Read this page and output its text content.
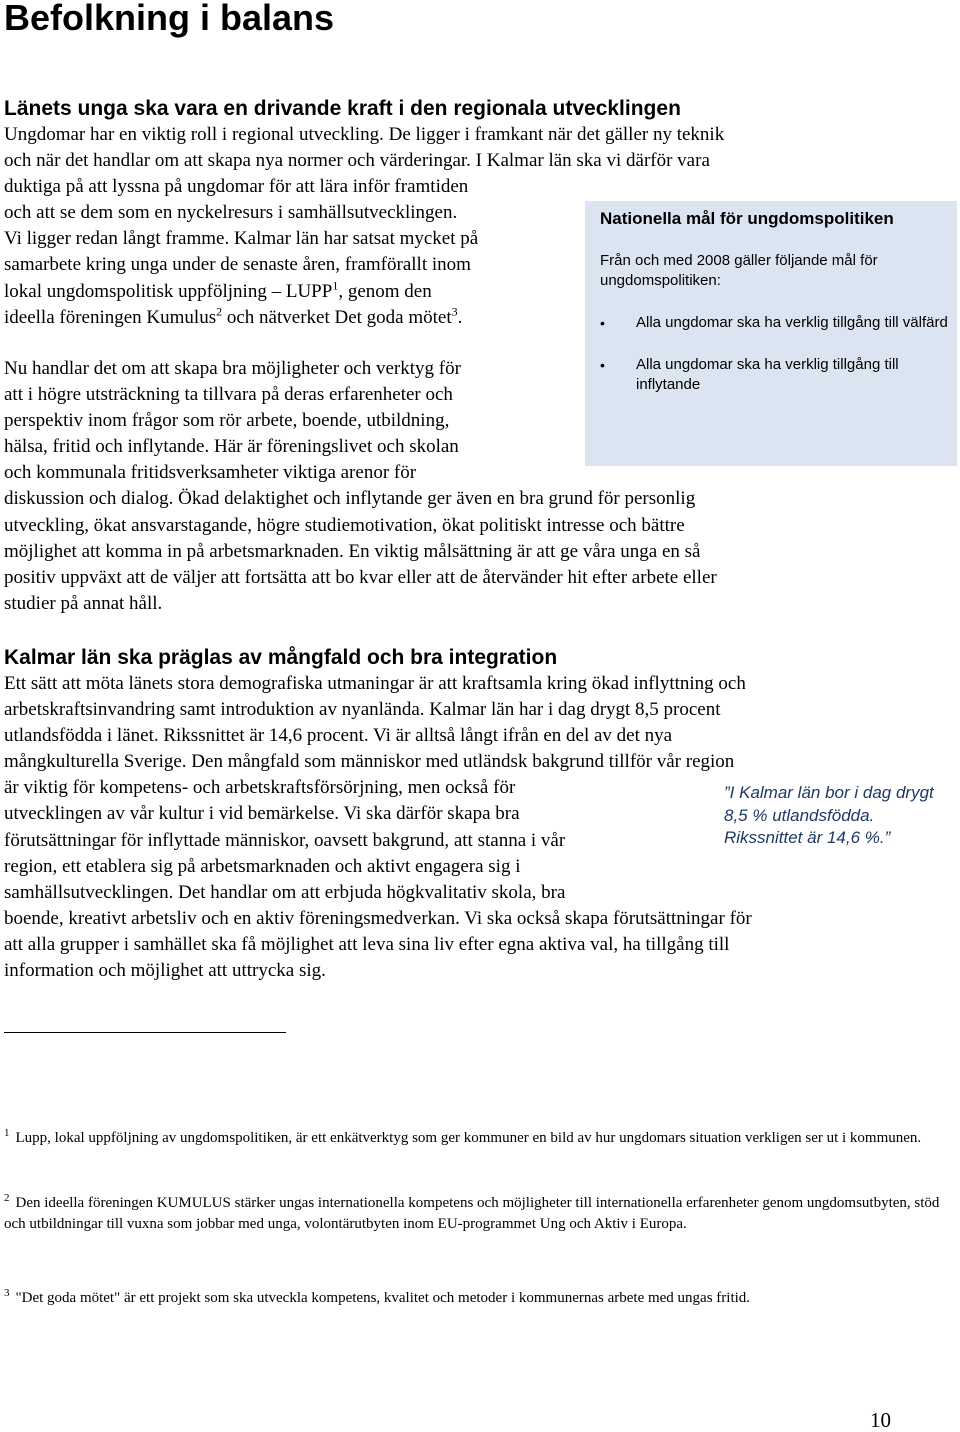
Befolkning i balans
Länets unga ska vara en drivande kraft i den regionala utvecklingen

Ungdomar har en viktig roll i regional utveckling. De ligger i framkant när det gäller ny teknik

och när det handlar om att skapa nya normer och värderingar. I Kalmar län ska vi därför vara

duktiga på att lyssna på ungdomar för att lära inför framtiden

och att se dem som en nyckelresurs i samhällsutvecklingen.

Vi ligger redan långt framme. Kalmar län har satsat mycket på

samarbete kring unga under de senaste åren, framförallt inom

lokal ungdomspolitisk uppföljning – LUPP$^1$, genom den

ideella föreningen Kumulus$^2$ och nätverket Det goda mötet$^3$.

Nu handlar det om att skapa bra möjligheter och verktyg för

att i högre utsträckning ta tillvara på deras erfarenheter och

perspektiv inom frågor som rör arbete, boende, utbildning,

hälsa, fritid och inflytande. Här är föreningslivet och skolan

och kommunala fritidsverksamheter viktiga arenor för

diskussion och dialog. Ökad delaktighet och inflytande ger även en bra grund för personlig

utveckling, ökat ansvarstagande, högre studiemotivation, ökat politiskt intresse och bättre

möjlighet att komma in på arbetsmarknaden. En viktig målsättning är att ge våra unga en så

positiv uppväxt att de väljer att fortsätta att bo kvar eller att de återvänder hit efter arbete eller

studier på annat håll.

Nationella mål för ungdomspolitiken

Från och med 2008 gäller följande mål för ungdomspolitiken:

• Alla ungdomar ska ha verklig tillgång till välfärd
• Alla ungdomar ska ha verklig tillgång till inflytande
Kalmar län ska präglas av mångfald och bra integration

Ett sätt att möta länets stora demografiska utmaningar är att kraftsamla kring ökad inflyttning och

arbetskraftsinvandring samt introduktion av nyanlända. Kalmar län har i dag drygt 8,5 procent

utlandsfödda i länet. Rikssnittet är 14,6 procent. Vi är alltså långt ifrån en del av det nya

mångkulturella Sverige. Den mångfald som människor med utländsk bakgrund tillför vår region

är viktig för kompetens- och arbetskraftsförsörjning, men också för

utvecklingen av vår kultur i vid bemärkelse. Vi ska därför skapa bra

förutsättningar för inflyttade människor, oavsett bakgrund, att stanna i vår

region, ett etablera sig på arbetsmarknaden och aktivt engagera sig i

samhällsutvecklingen. Det handlar om att erbjuda högkvalitativ skola, bra

boende, kreativt arbetsliv och en aktiv föreningsmedverkan. Vi ska också skapa förutsättningar för

att alla grupper i samhället ska få möjlighet att leva sina liv efter egna aktiva val, ha tillgång till

information och möjlighet att uttrycka sig.

”I Kalmar län bor i dag drygt 8,5 % utlandsfödda. Rikssnittet är 14,6 %.”

$^1$ Lupp, lokal uppföljning av ungdomspolitiken, är ett enkätverktyg som ger kommuner en bild av hur ungdomars situation verkligen ser ut i kommunen.

$^2$ Den ideella föreningen KUMULUS stärker ungas internationella kompetens och möjligheter till internationella erfarenheter genom ungdomsutbyten, stöd och utbildningar till vuxna som jobbar med unga, volontärutbyten inom EU-programmet Ung och Aktiv i Europa.

$^3$ "Det goda mötet" är ett projekt som ska utveckla kompetens, kvalitet och metoder i kommunernas arbete med ungas fritid.

10
